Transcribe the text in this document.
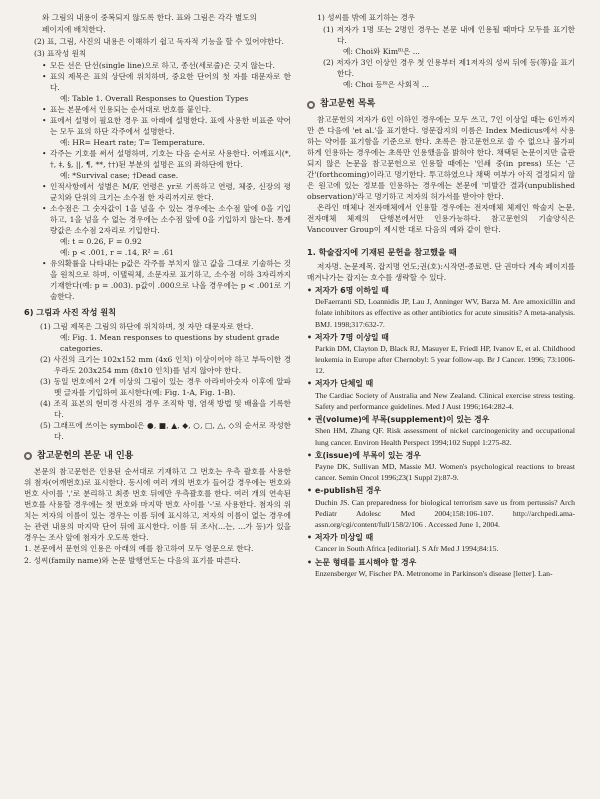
와 그림의 내용이 중복되지 않도록 한다. 표와 그림은 각각 별도의
페이지에 배치한다.
(2) 표, 그림, 사진의 내용은 이해하기 쉽고 독자적 기능을 할 수 있어야한다.
(3) 표작성 원칙
• 모든 선은 단선(single line)으로 하고, 종선(세로줄)은 긋지 않는다.
• 표의 제목은 표의 상단에 위치하며, 중요한 단어의 첫 자를 대문자로 한다.
예: Table 1. Overall Responses to Question Types
• 표는 본문에서 인용되는 순서대로 번호를 붙인다.
• 표에서 설명이 필요한 경우 표 아래에 설명한다. 표에 사용한 비표준 약어는 모두 표의 하단 각주에서 설명한다.
예: HR= Heart rate; T= Temperature.
• 각주는 기호를 써서 설명하며, 기호는 다음 순서로 사용한다. 어깨표시(*, †, ‡, §, ||, ¶, **, ††)된 부분의 설명은 표의 좌하단에 한다.
예: *Survival case; †Dead case.
• 인적사항에서 성별은 M/F, 연령은 yr로 기록하고 연령, 체중, 신장의 평균치와 단위의 크기는 소수점 한 자리까지로 한다.
• 소수점은 그 숫자값이 1을 넘을 수 있는 경우에는 소수점 앞에 0을 기입하고, 1을 넘을 수 없는 경우에는 소수점 앞에 0을 기입하지 않는다. 통계량값은 소수점 2자리로 기입한다.
예: t = 0.26, F = 0.92
예: p < .001, r = .14, R² = .61
• 유의확률을 나타내는 p값은 각주를 부치지 않고 값을 그대로 기술하는 것을 원칙으로 하며, 이탤릭체, 소문자로 표기하고, 소수점 이하 3자리까지 기재한다(예: p = .003). p값이 .000으로 나올 경우에는 p < .001로 기술한다.
6) 그림과 사진 작성 원칙
(1) 그림 제목은 그림의 하단에 위치하며, 첫 자만 대문자로 한다.
예: Fig. 1. Mean responses to questions by student grade categories.
(2) 사진의 크기는 102x152 mm (4x6 인치) 이상이어야 하고 부득이한 경우라도 203x254 mm (8x10 인치)를 넘지 않아야 한다.
(3) 동일 번호에서 2개 이상의 그림이 있는 경우 아라비아숫자 이후에 알파벳 글자를 기입하여 표시한다(예: Fig. 1-A, Fig. 1-B).
(4) 조직 표본의 현미경 사진의 경우 조직학 명, 염색 방법 및 배율을 기록한다.
(5) 그래프에 쓰이는 symbol은 ●, ■, ▲, ◆, ○, □, △, ◇의 순서로 작성한다.
참고문헌의 본문 내 인용
본문의 참고문헌은 인용된 순서대로 기재하고 그 번호는 우측 괄호를 사용한 위 첨자(어깨번호)로 표시한다. 동시에 여러 개의 번호가 들어갈 경우에는 번호와 번호 사이를 ','로 분리하고 최종 번호 뒤에만 우측괄호를 한다. 여러 개의 연속된 번호를 사용할 경우에는 첫 번호와 마지막 번호 사이를 '-'로 사용한다. 첨자의 위치는 저자의 이름이 있는 경우는 이름 뒤에 표시하고, 저자의 이름이 없는 경우에는 관련 내용의 마지막 단어 뒤에 표시한다. 이름 뒤 조사(...는, ...가 등)가 있을 경우는 조사 앞에 첨자가 오도록 한다.
1. 본문에서 문헌의 인용은 아래의 예를 참고하여 모두 영문으로 한다.
2. 성씨(family name)와 논문 발행연도는 다음의 표기를 따른다.
1) 성씨를 밖에 표기하는 경우
(1) 저자가 1명 또는 2명인 경우는 본문 내에 인용될 때마다 모두를 표기한다.
예: Choi와 Kim⁸⁾은 ...
(2) 저자가 3인 이상인 경우 첫 인용부터 제1저자의 성씨 뒤에 등(等)을 표기한다.
예: Choi 등⁸⁾은 사회적 ...
참고문헌 목록
참고문헌의 저자가 6인 이하인 경우에는 모두 쓰고, 7인 이상일 때는 6인까지만 쓴 다음에 'et al.'을 표기한다. 영문잡지의 이름은 Index Medicus에서 사용하는 약어를 표기함을 기준으로 한다. 초록은 참고문헌으로 쓸 수 없으나 불가피하게 인용하는 경우에는 초록만 인용했음을 밝혀야 한다. 채택된 논문이지만 출판되지 않은 논문을 참고문헌으로 인용할 때에는 '인쇄 중(in press) 또는 '근간'(forthcoming)이라고 명기한다. 투고하였으나 채택 여부가 아직 결정되지 않은 원고에 있는 정보를 인용하는 경우에는 본문에 '미발간 결과(unpublished observation)'라고 명기하고 저자의 허가서를 받아야 한다.
온라인 매체나 전자매체에서 인용할 경우에는 전자매체 체제인 학술지 논문, 전자매체 체제의 단행본에서만 인용가능하다. 참고문헌의 기술양식은 Vancouver Group이 제시한 대로 다음의 예와 같이 한다.
1. 학술잡지에 기재된 문헌을 참고했을 때
저자명. 논문제목. 잡지명 연도;권(호):시작면-종료면. 단 권마다 계속 페이지를 매겨나가는 잡지는 호수를 생략할 수 있다.
• 저자가 6명 이하일 때
DeFaerranti SD, Loannidis JP, Lau J, Anninger WV, Barza M. Are amoxicillin and folate inhibitors as effective as other antibiotics for acute sinusitis? A meta-analysis. BMJ. 1998;317:632-7.
• 저자가 7명 이상일 때
Parkin DM, Clayton D, Black RJ, Masuyer E, Friedl HP, Ivanov E, et al. Childhood leukemia in Europe after Chernobyl: 5 year follow-up. Br J Cancer. 1996; 73:1006-12.
• 저자가 단체일 때
The Cardiac Society of Australia and New Zealand. Clinical exercise stress testing. Safety and performance guidelines. Med J Aust 1996;164:282-4.
• 권(volume)에 부록(supplement)이 있는 경우
Shen HM, Zhang QF. Risk assessment of nickel carcinogenicity and occupational lung cancer. Environ Health Perspect 1994;102 Suppl 1:275-82.
• 호(issue)에 부록이 있는 경우
Payne DK, Sullivan MD, Massie MJ. Women's psychological reactions to breast cancer. Semin Oncol 1996;23(1 Suppl 2):87-9.
• e-publish된 경우
Duchin JS. Can preparedness for biological terrorism save us from pertussis? Arch Pediatr Adolesc Med 2004;158:106-107. http://archpedi.ama-assn.org/cgi/content/full/158/2/106 . Accessed June 1, 2004.
• 저자가 미상일 때
Cancer in South Africa [editorial]. S Afr Med J 1994;84:15.
• 논문 형태를 표시해야 할 경우
Enzensberger W, Fischer PA. Metronome in Parkinson's disease [letter]. Lan-
